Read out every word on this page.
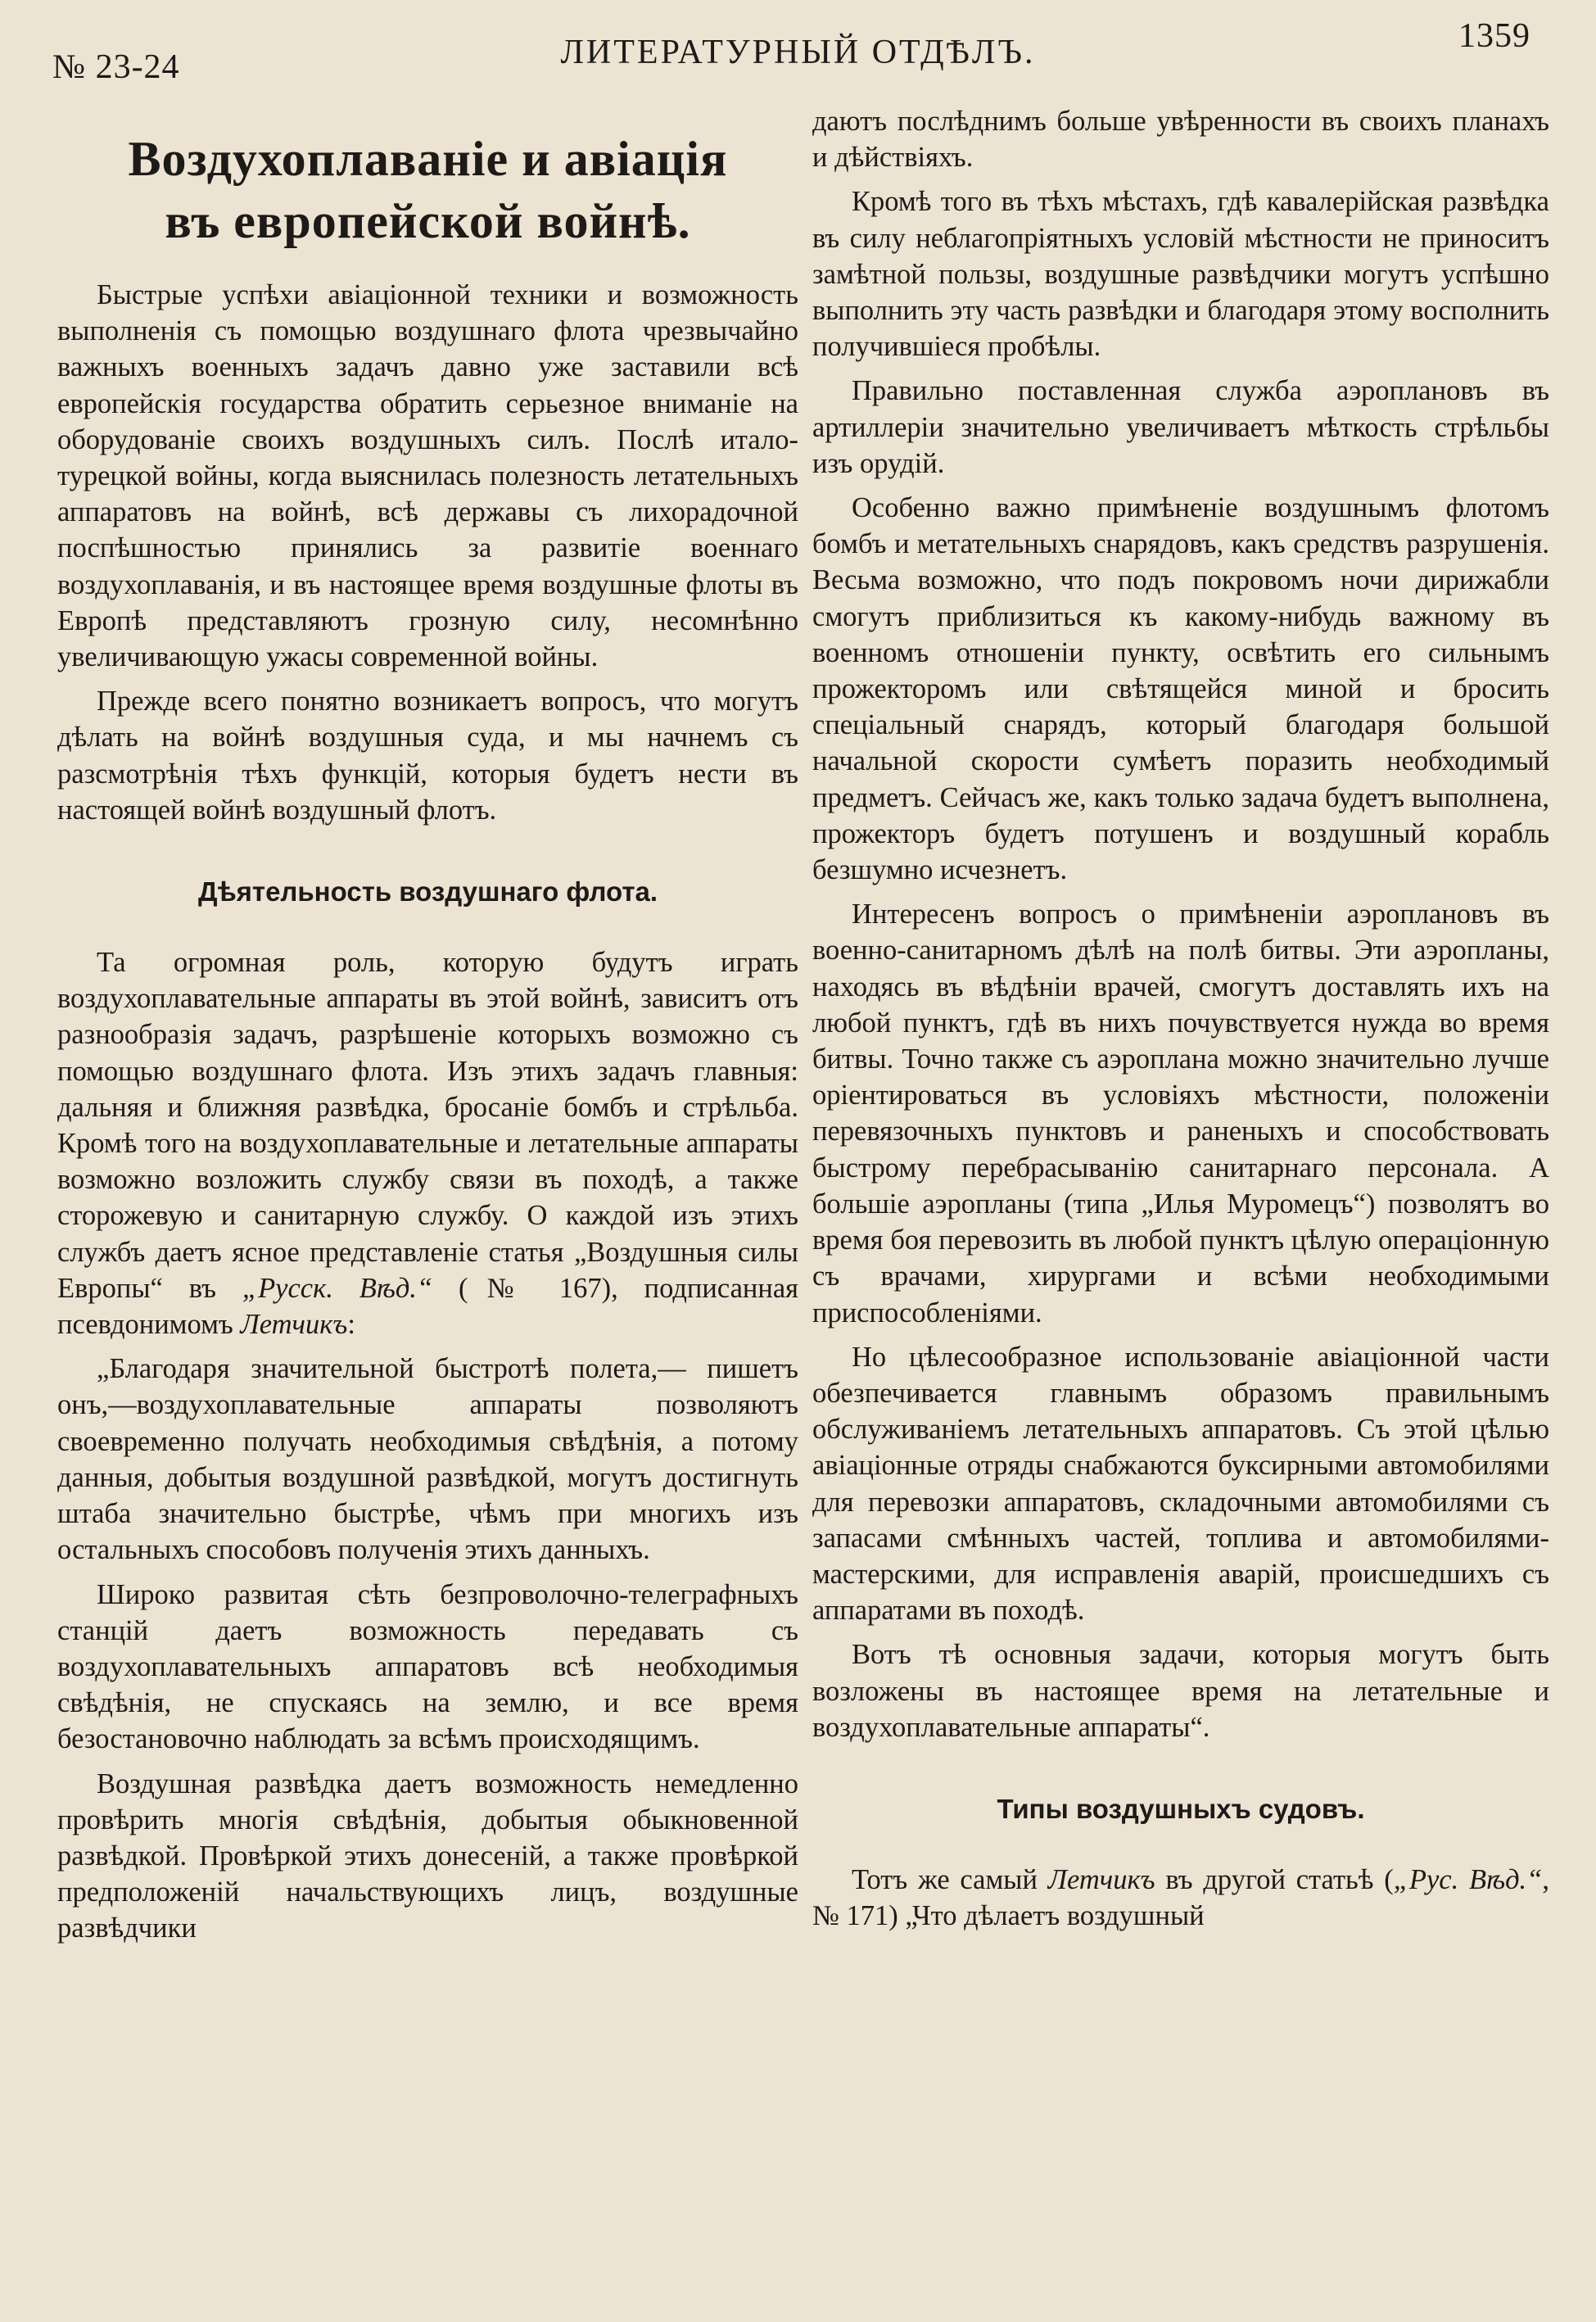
№ 23-24	ЛИТЕРАТУРНЫЙ ОТДѢЛЪ.	1359
Воздухоплаваніе и авіація
въ европейской войнѣ.

Быстрые успѣхи авіаціонной техники и возможность выполненія съ помощью воздушнаго флота чрезвычайно важныхъ военныхъ задачъ давно уже заставили всѣ европейскія государства обратить серьезное вниманіе на оборудованіе своихъ воздушныхъ силъ. Послѣ итало-турецкой войны, когда выяснилась полезность летательныхъ аппаратовъ на войнѣ, всѣ державы съ лихорадочной поспѣшностью принялись за развитіе военнаго воздухоплаванія, и въ настоящее время воздушные флоты въ Европѣ представляютъ грозную силу, несомнѣнно увеличивающую ужасы современной войны.

Прежде всего понятно возникаетъ вопросъ, что могутъ дѣлать на войнѣ воздушныя суда, и мы начнемъ съ разсмотрѣнія тѣхъ функцій, которыя будетъ нести въ настоящей войнѣ воздушный флотъ.

Дѣятельность воздушнаго флота.

Та огромная роль, которую будутъ играть воздухоплавательные аппараты въ этой войнѣ, зависитъ отъ разнообразія задачъ, разрѣшеніе которыхъ возможно съ помощью воздушнаго флота. Изъ этихъ задачъ главныя: дальняя и ближняя развѣдка, бросаніе бомбъ и стрѣльба. Кромѣ того на воздухоплавательные и летательные аппараты возможно возложить службу связи въ походѣ, а также сторожевую и санитарную службу. О каждой изъ этихъ службъ даетъ ясное представленіе статья „Воздушныя силы Европы“ въ „Русск. Вѣд.“ (№ 167), подписанная псевдонимомъ Летчикъ:

„Благодаря значительной быстротѣ полета,— пишетъ онъ,—воздухоплавательные аппараты позволяютъ своевременно получать необходимыя свѣдѣнія, а потому данныя, добытыя воздушной развѣдкой, могутъ достигнуть штаба значительно быстрѣе, чѣмъ при многихъ изъ остальныхъ способовъ полученія этихъ данныхъ.

Широко развитая сѣть безпроволочно-телеграфныхъ станцій даетъ возможность передавать съ воздухоплавательныхъ аппаратовъ всѣ необходимыя свѣдѣнія, не спускаясь на землю, и все время безостановочно наблюдать за всѣмъ происходящимъ.

Воздушная развѣдка даетъ возможность немедленно провѣрить многія свѣдѣнія, добытыя обыкновенной развѣдкой. Провѣркой этихъ донесеній, а также провѣркой предположеній начальствующихъ лицъ, воздушные развѣдчики

даютъ послѣднимъ больше увѣренности въ своихъ планахъ и дѣйствіяхъ.

Кромѣ того въ тѣхъ мѣстахъ, гдѣ кавалерійская развѣдка въ силу неблагопріятныхъ условій мѣстности не приноситъ замѣтной пользы, воздушные развѣдчики могутъ успѣшно выполнить эту часть развѣдки и благодаря этому восполнить получившіеся пробѣлы.

Правильно поставленная служба аэроплановъ въ артиллеріи значительно увеличиваетъ мѣткость стрѣльбы изъ орудій.

Особенно важно примѣненіе воздушнымъ флотомъ бомбъ и метательныхъ снарядовъ, какъ средствъ разрушенія. Весьма возможно, что подъ покровомъ ночи дирижабли смогутъ приблизиться къ какому-нибудь важному въ военномъ отношеніи пункту, освѣтить его сильнымъ прожекторомъ или свѣтящейся миной и бросить спеціальный снарядъ, который благодаря большой начальной скорости сумѣетъ поразить необходимый предметъ. Сейчасъ же, какъ только задача будетъ выполнена, прожекторъ будетъ потушенъ и воздушный корабль безшумно исчезнетъ.

Интересенъ вопросъ о примѣненіи аэроплановъ въ военно-санитарномъ дѣлѣ на полѣ битвы. Эти аэропланы, находясь въ вѣдѣніи врачей, смогутъ доставлять ихъ на любой пунктъ, гдѣ въ нихъ почувствуется нужда во время битвы. Точно также съ аэроплана можно значительно лучше оріентироваться въ условіяхъ мѣстности, положеніи перевязочныхъ пунктовъ и раненыхъ и способствовать быстрому перебрасыванію санитарнаго персонала. А большіе аэропланы (типа „Илья Муромецъ“) позволятъ во время боя перевозить въ любой пунктъ цѣлую операціонную съ врачами, хирургами и всѣми необходимыми приспособленіями.

Но цѣлесообразное использованіе авіаціонной части обезпечивается главнымъ образомъ правильнымъ обслуживаніемъ летательныхъ аппаратовъ. Съ этой цѣлью авіаціонные отряды снабжаются буксирными автомобилями для перевозки аппаратовъ, складочными автомобилями съ запасами смѣнныхъ частей, топлива и автомобилями-мастерскими, для исправленія аварій, происшедшихъ съ аппаратами въ походѣ.

Вотъ тѣ основныя задачи, которыя могутъ быть возложены въ настоящее время на летательные и воздухоплавательные аппараты“.

Типы воздушныхъ судовъ.

Тотъ же самый Летчикъ въ другой статьѣ („Рус. Вѣд.“, № 171) „Что дѣлаетъ воздушный
